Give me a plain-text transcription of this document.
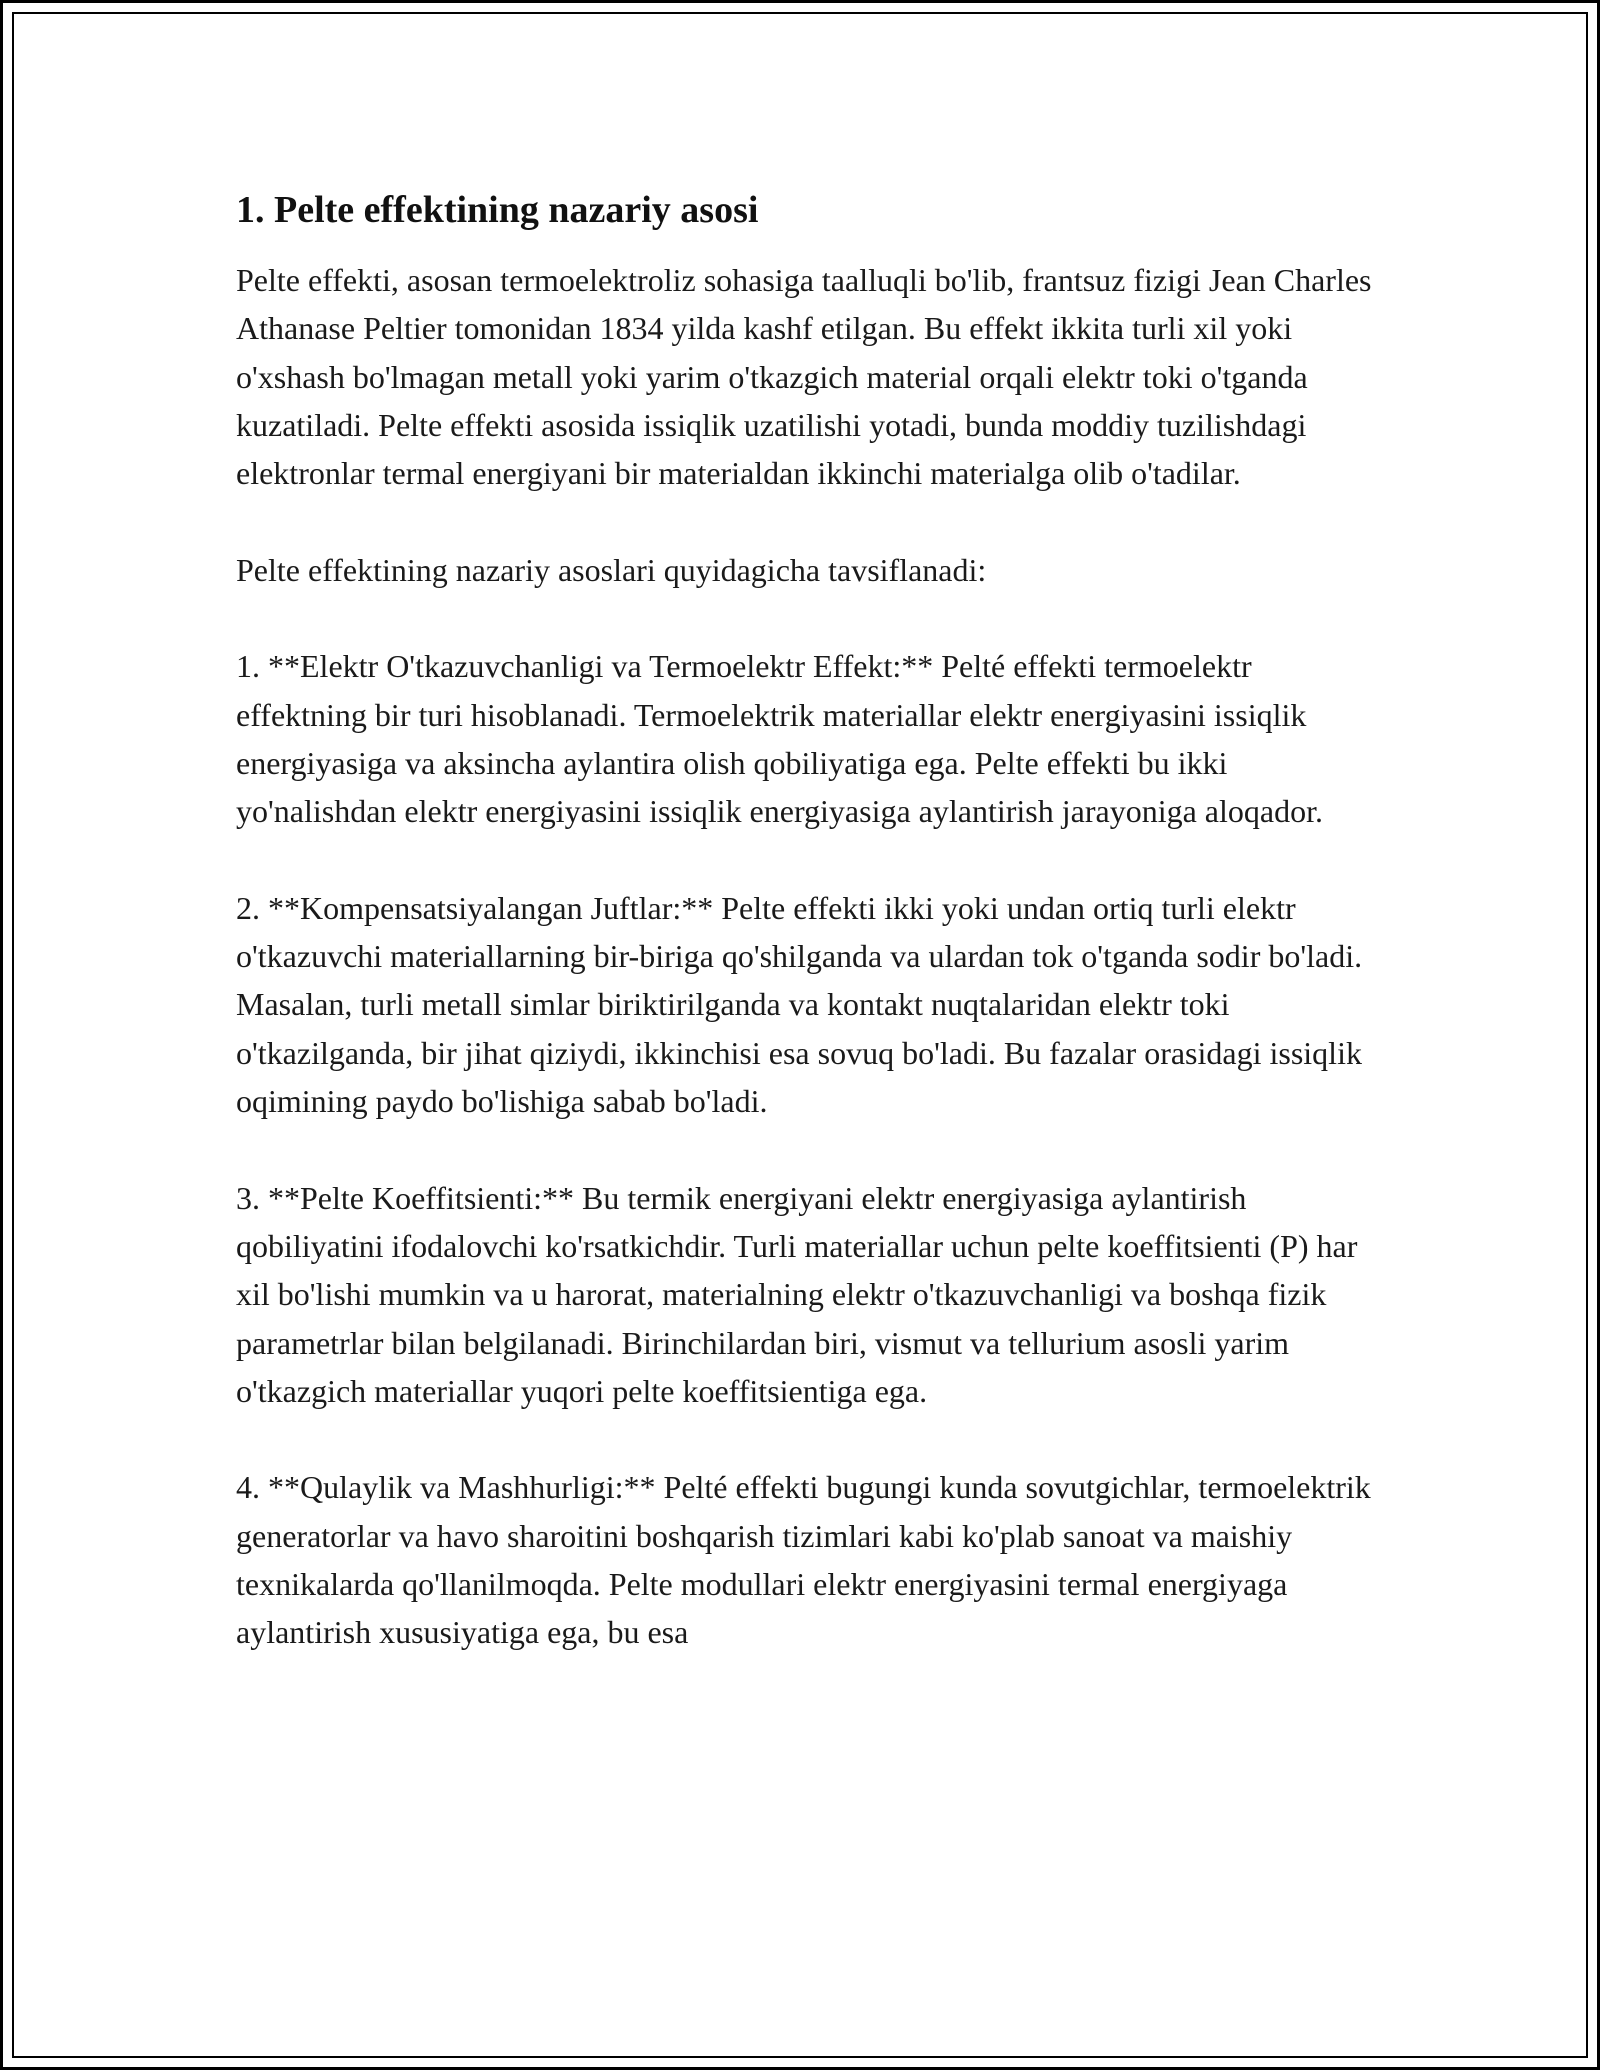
1. Pelte effektining nazariy asosi

Pelte effekti, asosan termoelektroliz sohasiga taalluqli bo'lib, frantsuz fizigi Jean Charles Athanase Peltier tomonidan 1834 yilda kashf etilgan. Bu effekt ikkita turli xil yoki o'xshash bo'lmagan metall yoki yarim o'tkazgich material orqali elektr toki o'tganda kuzatiladi. Pelte effekti asosida issiqlik uzatilishi yotadi, bunda moddiy tuzilishdagi elektronlar termal energiyani bir materialdan ikkinchi materialga olib o'tadilar.

Pelte effektining nazariy asoslari quyidagicha tavsiflanadi:

1. **Elektr O'tkazuvchanligi va Termoelektr Effekt:** Pelté effekti termoelektr effektning bir turi hisoblanadi. Termoelektrik materiallar elektr energiyasini issiqlik energiyasiga va aksincha aylantira olish qobiliyatiga ega. Pelte effekti bu ikki yo'nalishdan elektr energiyasini issiqlik energiyasiga aylantirish jarayoniga aloqador.

2. **Kompensatsiyalangan Juftlar:** Pelte effekti ikki yoki undan ortiq turli elektr o'tkazuvchi materiallarning bir-biriga qo'shilganda va ulardan tok o'tganda sodir bo'ladi. Masalan, turli metall simlar biriktirilganda va kontakt nuqtalaridan elektr toki o'tkazilganda, bir jihat qiziydi, ikkinchisi esa sovuq bo'ladi. Bu fazalar orasidagi issiqlik oqimining paydo bo'lishiga sabab bo'ladi.

3. **Pelte Koeffitsienti:** Bu termik energiyani elektr energiyasiga aylantirish qobiliyatini ifodalovchi ko'rsatkichdir. Turli materiallar uchun pelte koeffitsienti (P) har xil bo'lishi mumkin va u harorat, materialning elektr o'tkazuvchanligi va boshqa fizik parametrlar bilan belgilanadi. Birinchilardan biri, vismut va tellurium asosli yarim o'tkazgich materiallar yuqori pelte koeffitsientiga ega.

4. **Qulaylik va Mashhurligi:** Pelté effekti bugungi kunda sovutgichlar, termoelektrik generatorlar va havo sharoitini boshqarish tizimlari kabi ko'plab sanoat va maishiy texnikalarda qo'llanilmoqda. Pelte modullari elektr energiyasini termal energiyaga aylantirish xususiyatiga ega, bu esa
